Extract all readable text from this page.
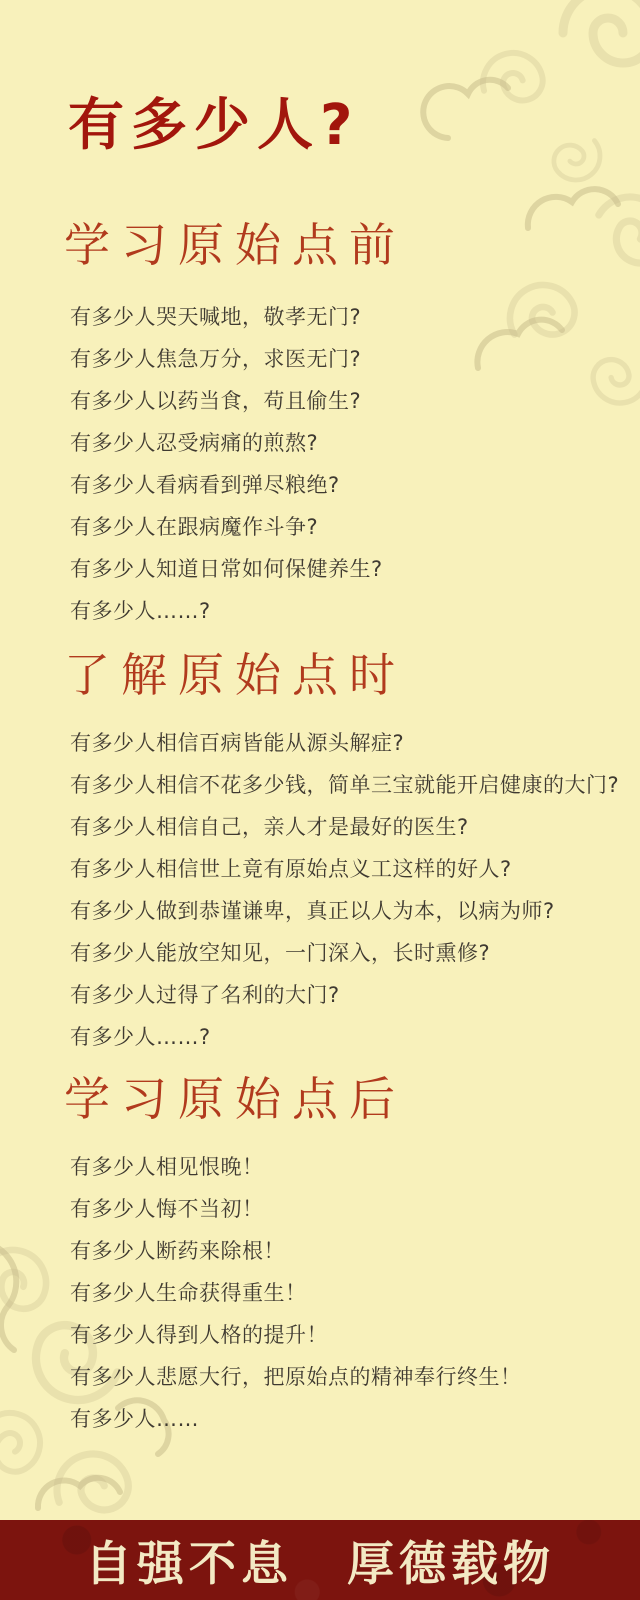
有多少人?
学习原始点前
有多少人哭天喊地，敬孝无门?
有多少人焦急万分，求医无门?
有多少人以药当食，苟且偷生?
有多少人忍受病痛的煎熬?
有多少人看病看到弹尽粮绝?
有多少人在跟病魔作斗争?
有多少人知道日常如何保健养生?
有多少人……?
了解原始点时
有多少人相信百病皆能从源头解症?
有多少人相信不花多少钱，简单三宝就能开启健康的大门?
有多少人相信自己，亲人才是最好的医生?
有多少人相信世上竟有原始点义工这样的好人?
有多少人做到恭谨谦卑，真正以人为本，以病为师?
有多少人能放空知见，一门深入，长时熏修?
有多少人过得了名利的大门?
有多少人……?
学习原始点后
有多少人相见恨晚！
有多少人悔不当初！
有多少人断药来除根！
有多少人生命获得重生！
有多少人得到人格的提升！
有多少人悲愿大行，把原始点的精神奉行终生！
有多少人……
自强不息 厚德载物
